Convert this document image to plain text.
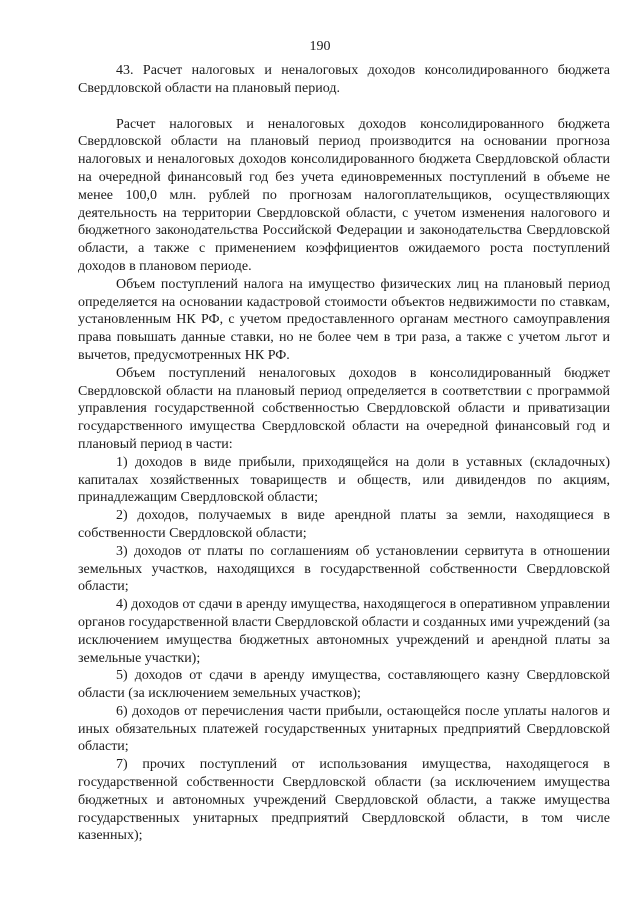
190

43. Расчет налоговых и неналоговых доходов консолидированного бюджета Свердловской области на плановый период.

Расчет налоговых и неналоговых доходов консолидированного бюджета Свердловской области на плановый период производится на основании прогноза налоговых и неналоговых доходов консолидированного бюджета Свердловской области на очередной финансовый год без учета единовременных поступлений в объеме не менее 100,0 млн. рублей по прогнозам налогоплательщиков, осуществляющих деятельность на территории Свердловской области, с учетом изменения налогового и бюджетного законодательства Российской Федерации и законодательства Свердловской области, а также с применением коэффициентов ожидаемого роста поступлений доходов в плановом периоде.

Объем поступлений налога на имущество физических лиц на плановый период определяется на основании кадастровой стоимости объектов недвижимости по ставкам, установленным НК РФ, с учетом предоставленного органам местного самоуправления права повышать данные ставки, но не более чем в три раза, а также с учетом льгот и вычетов, предусмотренных НК РФ.

Объем поступлений неналоговых доходов в консолидированный бюджет Свердловской области на плановый период определяется в соответствии с программой управления государственной собственностью Свердловской области и приватизации государственного имущества Свердловской области на очередной финансовый год и плановый период в части:

1) доходов в виде прибыли, приходящейся на доли в уставных (складочных) капиталах хозяйственных товариществ и обществ, или дивидендов по акциям, принадлежащим Свердловской области;

2) доходов, получаемых в виде арендной платы за земли, находящиеся в собственности Свердловской области;

3) доходов от платы по соглашениям об установлении сервитута в отношении земельных участков, находящихся в государственной собственности Свердловской области;

4) доходов от сдачи в аренду имущества, находящегося в оперативном управлении органов государственной власти Свердловской области и созданных ими учреждений (за исключением имущества бюджетных автономных учреждений и арендной платы за земельные участки);

5) доходов от сдачи в аренду имущества, составляющего казну Свердловской области (за исключением земельных участков);

6) доходов от перечисления части прибыли, остающейся после уплаты налогов и иных обязательных платежей государственных унитарных предприятий Свердловской области;

7) прочих поступлений от использования имущества, находящегося в государственной собственности Свердловской области (за исключением имущества бюджетных и автономных учреждений Свердловской области, а также имущества государственных унитарных предприятий Свердловской области, в том числе казенных);
